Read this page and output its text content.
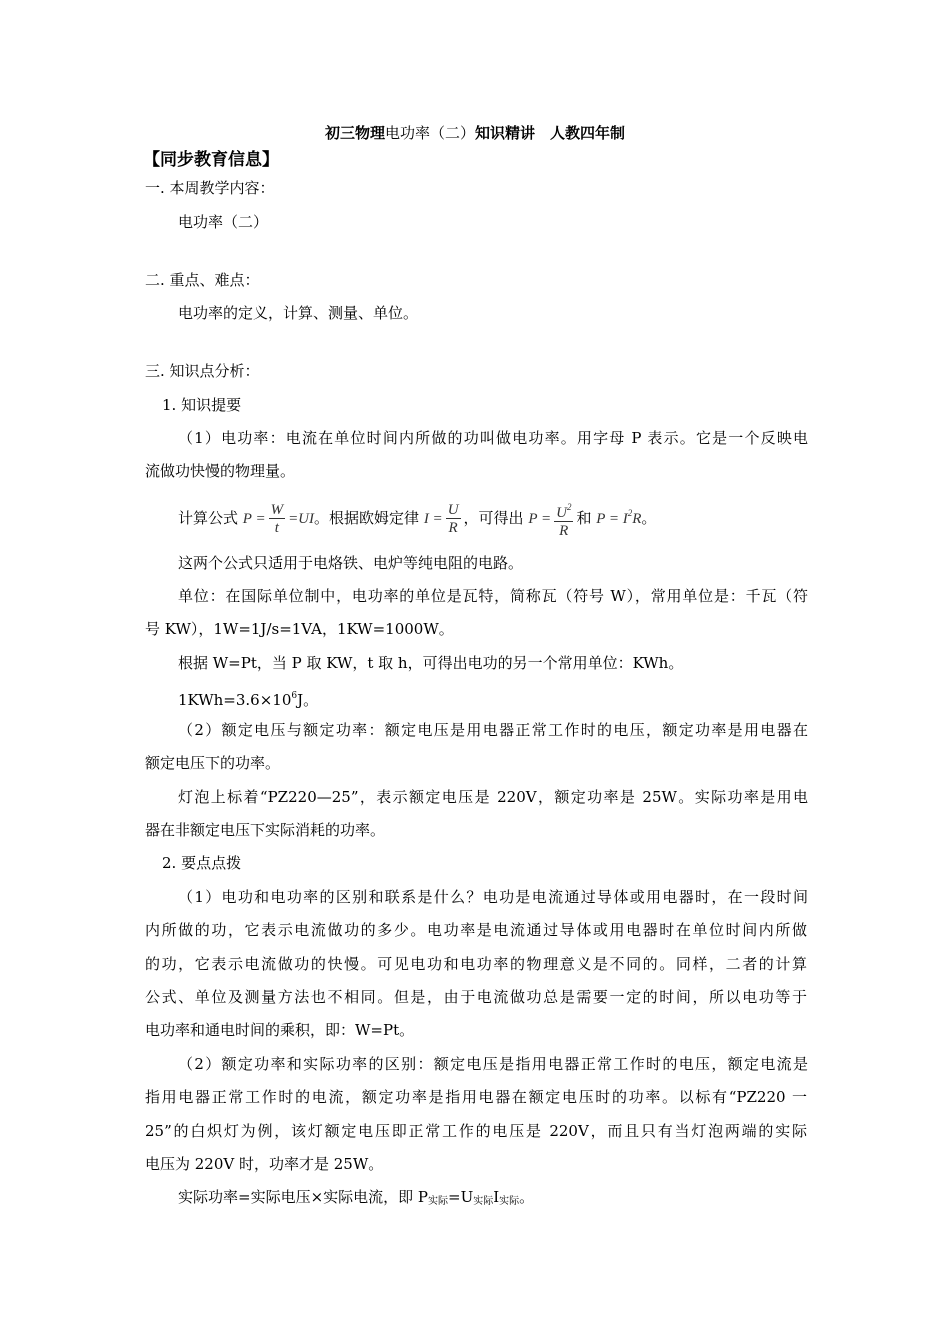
初三物理电功率（二）知识精讲　人教四年制
【同步教育信息】
一. 本周教学内容：
电功率（二）
二. 重点、难点：
电功率的定义，计算、测量、单位。
三. 知识点分析：
1. 知识提要
（1）电功率：电流在单位时间内所做的功叫做电功率。用字母 P 表示。它是一个反映电
流做功快慢的物理量。
计算公式 $P = \frac{W}{t} =UI$。根据欧姆定律 $I = \frac{U}{R}$ ，可得出 $P = \frac{U^2}{R}$ 和 $P = I^2R$。
这两个公式只适用于电烙铁、电炉等纯电阻的电路。
单位：在国际单位制中，电功率的单位是瓦特，简称瓦（符号 W），常用单位是：千瓦（符
号 KW），1W=1J/s=1VA，1KW=1000W。
根据 W=Pt，当 P 取 KW，t 取 h，可得出电功的另一个常用单位：KWh。
$1KWh=3.6\times 10^6J$。
（2）额定电压与额定功率：额定电压是用电器正常工作时的电压，额定功率是用电器在
额定电压下的功率。
灯泡上标着“PZ220—25”，表示额定电压是 220V，额定功率是 25W。实际功率是用电
器在非额定电压下实际消耗的功率。
2. 要点点拨
（1）电功和电功率的区别和联系是什么？电功是电流通过导体或用电器时，在一段时间
内所做的功，它表示电流做功的多少。电功率是电流通过导体或用电器时在单位时间内所做
的功，它表示电流做功的快慢。可见电功和电功率的物理意义是不同的。同样，二者的计算
公式、单位及测量方法也不相同。但是，由于电流做功总是需要一定的时间，所以电功等于
电功率和通电时间的乘积，即：W=Pt。
（2）额定功率和实际功率的区别：额定电压是指用电器正常工作时的电压，额定电流是
指用电器正常工作时的电流，额定功率是指用电器在额定电压时的功率。以标有“PZ220 一
25”的白炽灯为例，该灯额定电压即正常工作的电压是 220V，而且只有当灯泡两端的实际
电压为 220V 时，功率才是 25W。
实际功率=实际电压×实际电流，即 $P_{实际}=U_{实际}I_{实际}$。
